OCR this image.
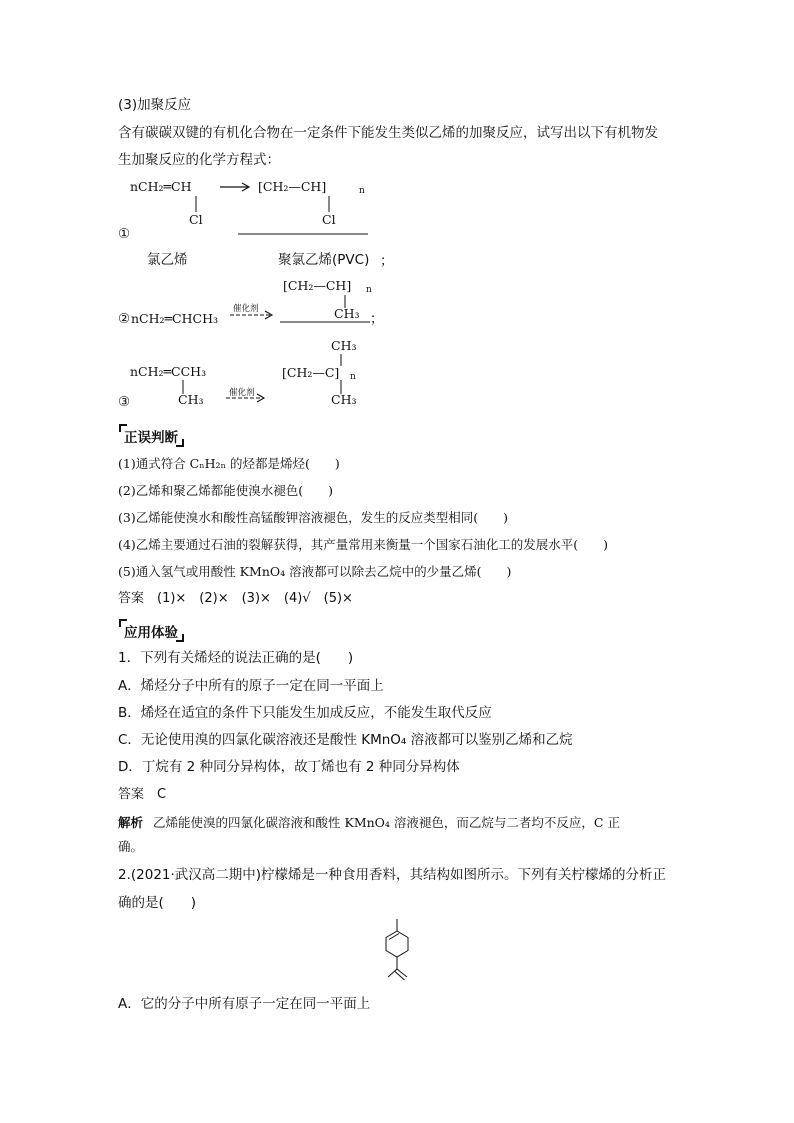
(3)加聚反应
含有碳碳双键的有机化合物在一定条件下能发生类似乙烯的加聚反应，试写出以下有机物发
生加聚反应的化学方程式：
nCH₂═CH
Cl
[CH₂—CH]	n
Cl
①
氯乙烯	聚氯乙烯(PVC) ；
[CH₂—CH] n
CH₃
催化剂
② nCH₂═CHCH₃	；
CH₃
nCH₂═CCH₃	[CH₂—C] n
CH₃	催化剂	CH₃
③
正误判断
(1)通式符合 CₙH₂ₙ 的烃都是烯烃(　　)
(2)乙烯和聚乙烯都能使溴水褪色(　　)
(3)乙烯能使溴水和酸性高锰酸钾溶液褪色，发生的反应类型相同(　　)
(4)乙烯主要通过石油的裂解获得，其产量常用来衡量一个国家石油化工的发展水平(　　)
(5)通入氢气或用酸性 KMnO₄ 溶液都可以除去乙烷中的少量乙烯(　　)
答案　(1)×　(2)×　(3)×　(4)√　(5)×
应用体验
1．下列有关烯烃的说法正确的是(　　)
A．烯烃分子中所有的原子一定在同一平面上
B．烯烃在适宜的条件下只能发生加成反应，不能发生取代反应
C．无论使用溴的四氯化碳溶液还是酸性 KMnO₄ 溶液都可以鉴别乙烯和乙烷
D．丁烷有 2 种同分异构体，故丁烯也有 2 种同分异构体
答案　C
解析 乙烯能使溴的四氯化碳溶液和酸性 KMnO₄ 溶液褪色，而乙烷与二者均不反应，C 正
确。
2.(2021·武汉高二期中)柠檬烯是一种食用香料，其结构如图所示。下列有关柠檬烯的分析正
确的是(　　)
A．它的分子中所有原子一定在同一平面上
